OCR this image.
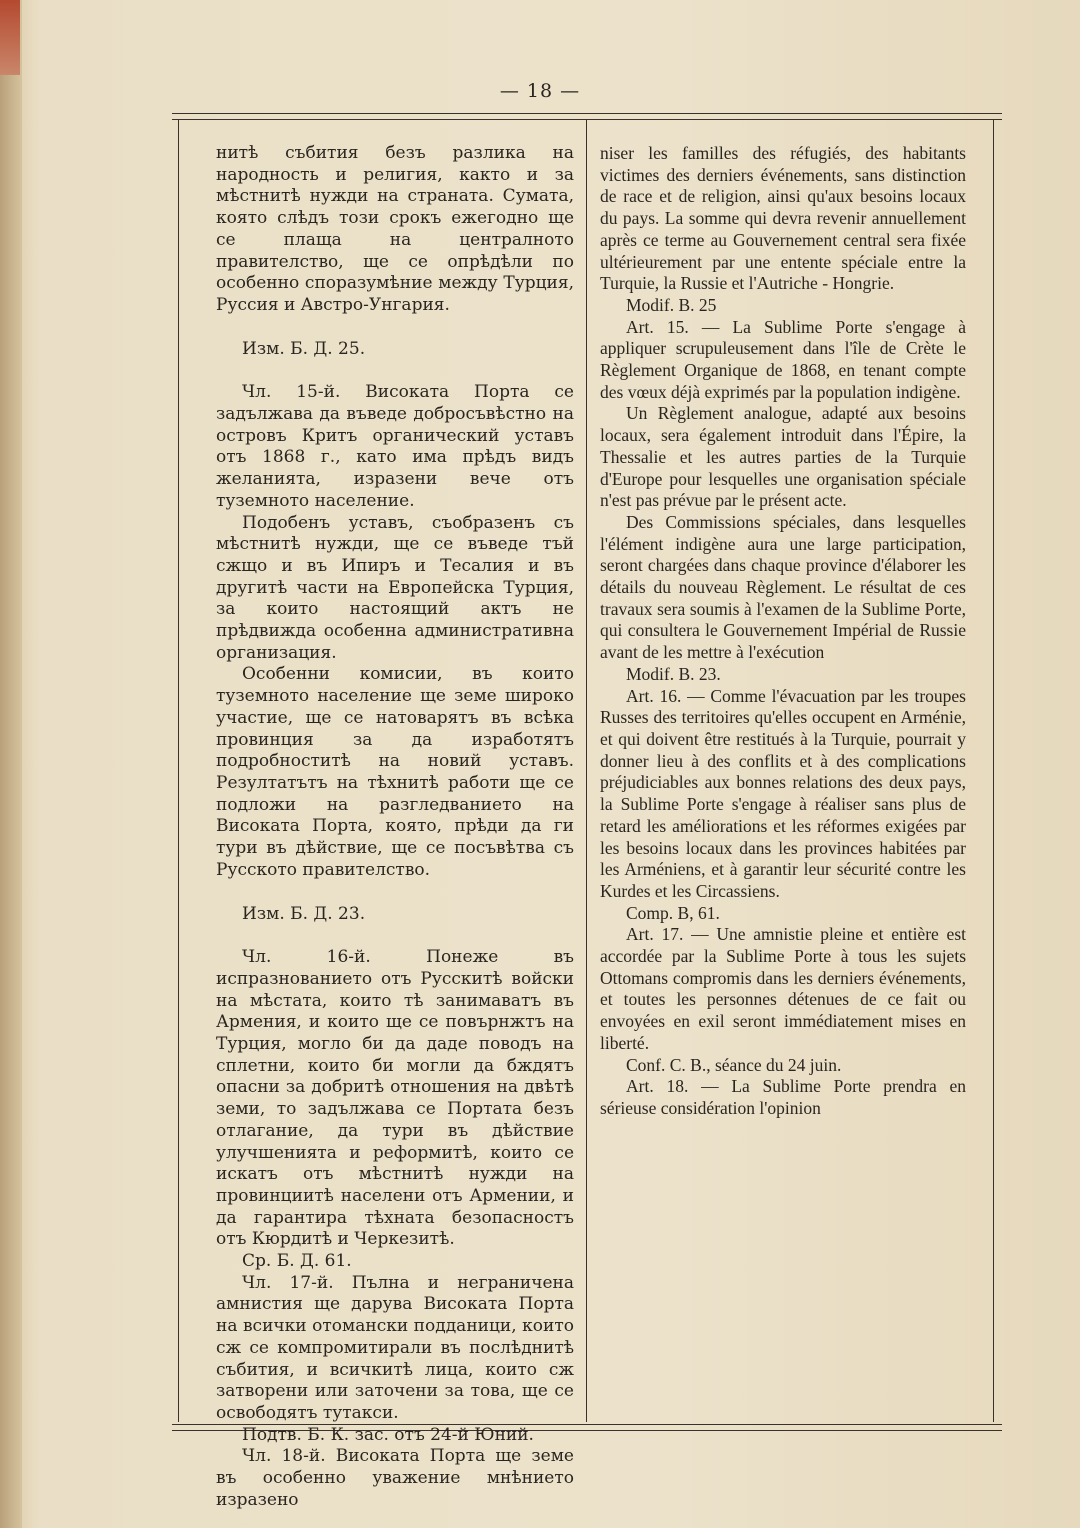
— 18 —

нитѣ събития безъ разлика на народность и религия, както и за мѣстнитѣ нужди на страната. Сумата, която слѣдъ този срокъ ежегодно ще се плаща на централното правителство, ще се опрѣдѣли по особенно споразумѣние между Турция, Руссия и Австро-Унгария.

Изм. Б. Д. 25.

Чл. 15-й. Високата Порта се задължава да въведе добросъвѣстно на островъ Критъ органический уставъ отъ 1868 г., като има прѣдъ видъ желанията, изразени вече отъ туземното население.

Подобенъ уставъ, съобразенъ съ мѣстнитѣ нужди, ще се въведе тъй сжщо и въ Ипиръ и Тесалия и въ другитѣ части на Европейска Турция, за които настоящий актъ не прѣдвижда особенна административна организация.

Особенни комисии, въ които туземното население ще земе широко участие, ще се натоварятъ въ всѣка провинция за да изработятъ подробноститѣ на новий уставъ. Резултатътъ на тѣхнитѣ работи ще се подложи на разгледванието на Високата Порта, която, прѣди да ги тури въ дѣйствие, ще се посъвѣтва съ Русското правителство.

Изм. Б. Д. 23.

Чл. 16-й. Понеже въ испразнованието отъ Русскитѣ войски на мѣстата, които тѣ занимаватъ въ Армения, и които ще се повърнжтъ на Турция, могло би да даде поводъ на сплетни, които би могли да бждятъ опасни за добритѣ отношения на двѣтѣ земи, то задължава се Портата безъ отлагание, да тури въ дѣйствие улучшенията и реформитѣ, които се искатъ отъ мѣстнитѣ нужди на провинциитѣ населени отъ Армении, и да гарантира тѣхната безопасностъ отъ Кюрдитѣ и Черкезитѣ.

Ср. Б. Д. 61.

Чл. 17-й. Пълна и неграничена амнистия ще дарува Високата Порта на всички отомански подданици, които сж се компромитирали въ послѣднитѣ събития, и всичкитѣ лица, които сж затворени или заточени за това, ще се освободятъ тутакси.

Подтв. Б. К. зас. отъ 24-й Юний.

Чл. 18-й. Високата Порта ще земе въ особенно уважение мнѣнието изразено

niser les familles des réfugiés, des habitants victimes des derniers événements, sans distinction de race et de religion, ainsi qu'aux besoins locaux du pays. La somme qui devra revenir annuellement après ce terme au Gouvernement central sera fixée ultérieurement par une entente spéciale entre la Turquie, la Russie et l'Autriche - Hongrie.

Modif. B. 25

Art. 15. — La Sublime Porte s'engage à appliquer scrupuleusement dans l'île de Crète le Règlement Organique de 1868, en tenant compte des vœux déjà exprimés par la population indigène.

Un Règlement analogue, adapté aux besoins locaux, sera également introduit dans l'Épire, la Thessalie et les autres parties de la Turquie d'Europe pour lesquelles une organisation spéciale n'est pas prévue par le présent acte.

Des Commissions spéciales, dans lesquelles l'élément indigène aura une large participation, seront chargées dans chaque province d'élaborer les détails du nouveau Règlement. Le résultat de ces travaux sera soumis à l'examen de la Sublime Porte, qui consultera le Gouvernement Impérial de Russie avant de les mettre à l'exécution

Modif. B. 23.

Art. 16. — Comme l'évacuation par les troupes Russes des territoires qu'elles occupent en Arménie, et qui doivent être restitués à la Turquie, pourrait y donner lieu à des conflits et à des complications préjudiciables aux bonnes relations des deux pays, la Sublime Porte s'engage à réaliser sans plus de retard les améliorations et les réformes exigées par les besoins locaux dans les provinces habitées par les Arméniens, et à garantir leur sécurité contre les Kurdes et les Circassiens.

Comp. B, 61.

Art. 17. — Une amnistie pleine et entière est accordée par la Sublime Porte à tous les sujets Ottomans compromis dans les derniers événements, et toutes les personnes détenues de ce fait ou envoyées en exil seront immédiatement mises en liberté.

Conf. C. B., séance du 24 juin.

Art. 18. — La Sublime Porte prendra en sérieuse considération l'opinion
